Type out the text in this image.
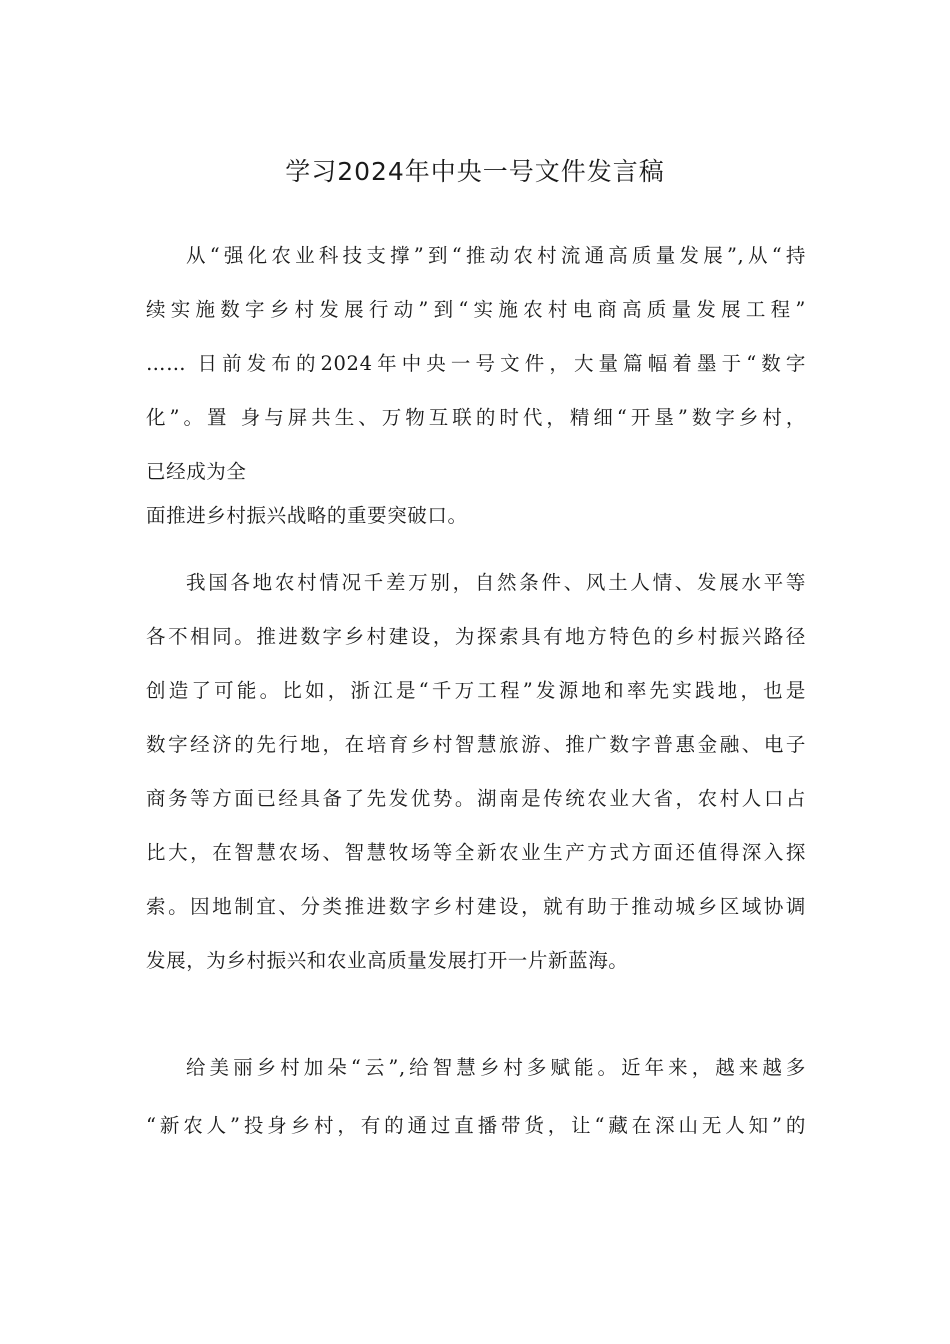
学习2024年中央一号文件发言稿
从“强化农业科技支撑”到“推动农村流通高质量发展”,从“持
续实施数字乡村发展行动”到“实施农村电商高质量发展工程”
…… 日前发布的2024年中央一号文件，大量篇幅着墨于“数字
化”。置 身与屏共生、万物互联的时代，精细“开垦”数字乡村，
已经成为全
面推进乡村振兴战略的重要突破口。
我国各地农村情况千差万别，自然条件、风土人情、发展水平等
各不相同。推进数字乡村建设，为探索具有地方特色的乡村振兴路径
创造了可能。比如，浙江是“千万工程”发源地和率先实践地，也是
数字经济的先行地，在培育乡村智慧旅游、推广数字普惠金融、电子
商务等方面已经具备了先发优势。湖南是传统农业大省，农村人口占
比大，在智慧农场、智慧牧场等全新农业生产方式方面还值得深入探
索。因地制宜、分类推进数字乡村建设，就有助于推动城乡区域协调
发展，为乡村振兴和农业高质量发展打开一片新蓝海。
给美丽乡村加朵“云”,给智慧乡村多赋能。近年来，越来越多
“新农人”投身乡村，有的通过直播带货，让“藏在深山无人知”的
